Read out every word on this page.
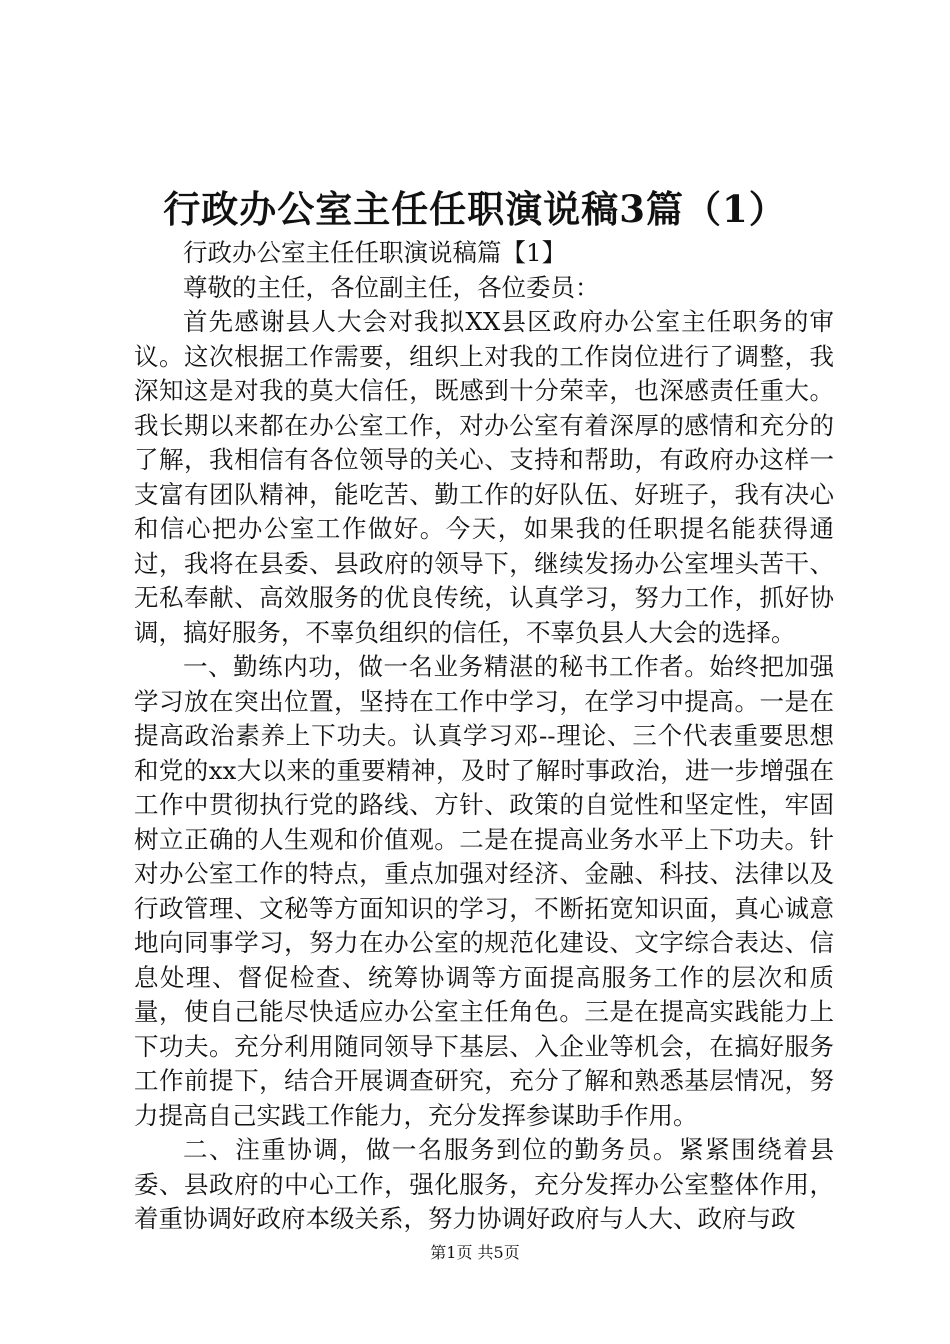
行政办公室主任任职演说稿3篇（1）

行政办公室主任任职演说稿篇【1】

尊敬的主任，各位副主任，各位委员：

首先感谢县人大会对我拟XX县区政府办公室主任职务的审议。这次根据工作需要，组织上对我的工作岗位进行了调整，我深知这是对我的莫大信任，既感到十分荣幸，也深感责任重大。我长期以来都在办公室工作，对办公室有着深厚的感情和充分的了解，我相信有各位领导的关心、支持和帮助，有政府办这样一支富有团队精神，能吃苦、勤工作的好队伍、好班子，我有决心和信心把办公室工作做好。今天，如果我的任职提名能获得通过，我将在县委、县政府的领导下，继续发扬办公室埋头苦干、无私奉献、高效服务的优良传统，认真学习，努力工作，抓好协调，搞好服务，不辜负组织的信任，不辜负县人大会的选择。

一、勤练内功，做一名业务精湛的秘书工作者。始终把加强学习放在突出位置，坚持在工作中学习，在学习中提高。一是在提高政治素养上下功夫。认真学习邓--理论、三个代表重要思想和党的xx大以来的重要精神，及时了解时事政治，进一步增强在工作中贯彻执行党的路线、方针、政策的自觉性和坚定性，牢固树立正确的人生观和价值观。二是在提高业务水平上下功夫。针对办公室工作的特点，重点加强对经济、金融、科技、法律以及行政管理、文秘等方面知识的学习，不断拓宽知识面，真心诚意地向同事学习，努力在办公室的规范化建设、文字综合表达、信息处理、督促检查、统筹协调等方面提高服务工作的层次和质量，使自己能尽快适应办公室主任角色。三是在提高实践能力上下功夫。充分利用随同领导下基层、入企业等机会，在搞好服务工作前提下，结合开展调查研究，充分了解和熟悉基层情况，努力提高自己实践工作能力，充分发挥参谋助手作用。

二、注重协调，做一名服务到位的勤务员。紧紧围绕着县委、县政府的中心工作，强化服务，充分发挥办公室整体作用，着重协调好政府本级关系，努力协调好政府与人大、政府与政

第1页 共5页
